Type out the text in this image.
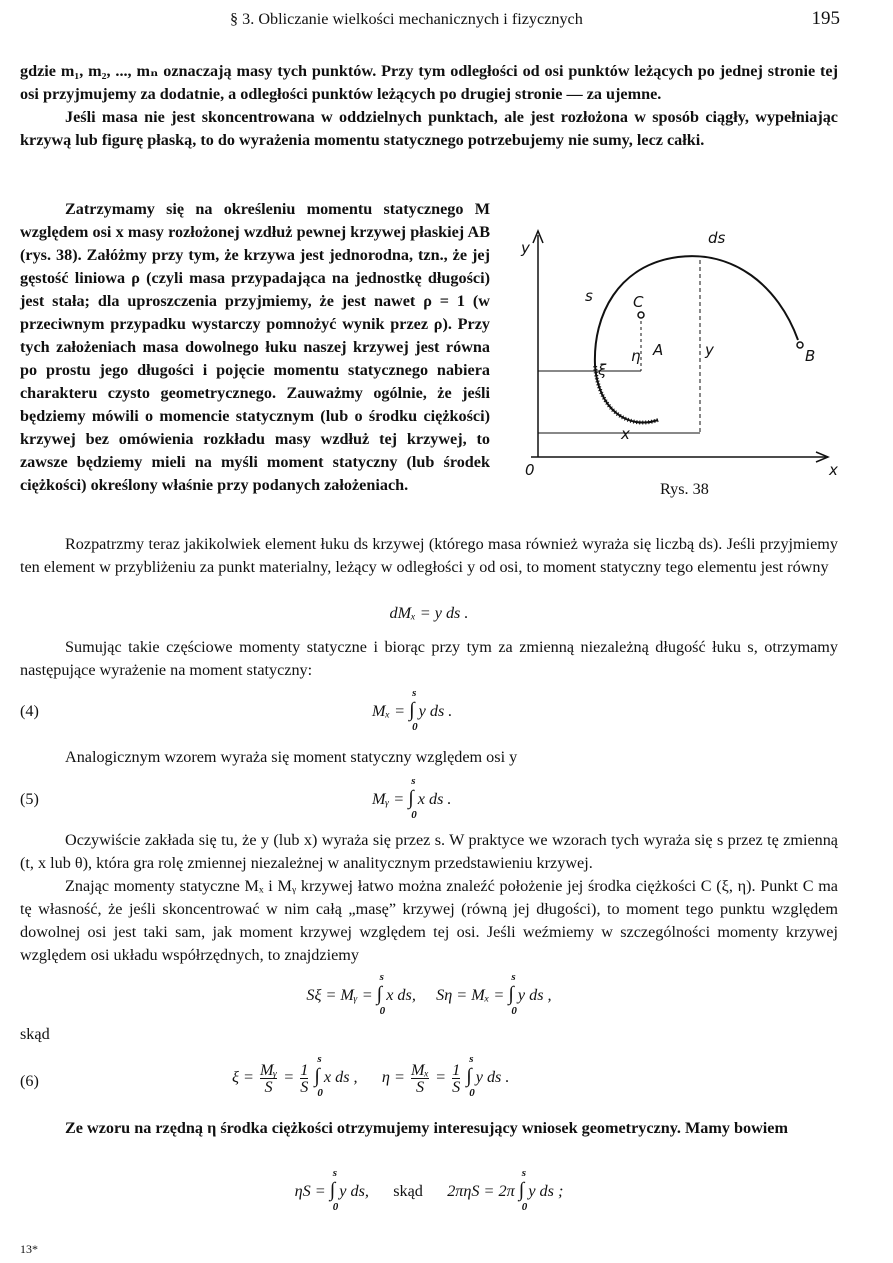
§ 3. Obliczanie wielkości mechanicznych i fizycznych	195

gdzie m₁, m₂, ..., mₙ oznaczają masy tych punktów. Przy tym odległości od osi punktów leżących po jednej stronie tej osi przyjmujemy za dodatnie, a odległości punktów leżących po drugiej stronie — za ujemne.

Jeśli masa nie jest skoncentrowana w oddzielnych punktach, ale jest rozłożona w sposób ciągły, wypełniając krzywą lub figurę płaską, to do wyrażenia momentu statycznego potrzebujemy nie sumy, lecz całki.

Zatrzymamy się na określeniu momentu statycznego M względem osi x masy rozłożonej wzdłuż pewnej krzywej płaskiej AB (rys. 38). Załóżmy przy tym, że krzywa jest jednorodna, tzn., że jej gęstość liniowa ρ (czyli masa przypadająca na jednostkę długości) jest stała; dla uproszczenia przyjmiemy, że jest nawet ρ = 1 (w przeciwnym przypadku wystarczy pomnożyć wynik przez ρ). Przy tych założeniach masa dowolnego łuku naszej krzywej jest równa po prostu jego długości i pojęcie momentu statycznego nabiera charakteru czysto geometrycznego. Zauważmy ogólnie, że jeśli będziemy mówili o momencie statycznym (lub o środku ciężkości) krzywej bez omówienia rozkładu masy wzdłuż tej krzywej, to zawsze będziemy mieli na myśli moment statyczny (lub środek ciężkości) określony właśnie przy podanych założeniach.

y
x
0
ds
s	C
A	B
η
ξ
y
x
Rys. 38

Rozpatrzmy teraz jakikolwiek element łuku ds krzywej (którego masa również wyraża się liczbą ds). Jeśli przyjmiemy ten element w przybliżeniu za punkt materialny, leżący w odległości y od osi, to moment statyczny tego elementu jest równy

dMₓ = y ds .

Sumując takie częściowe momenty statyczne i biorąc przy tym za zmienną niezależną długość łuku s, otrzymamy następujące wyrażenie na moment statyczny:

(4)	Mₓ = ∫
s
0
y ds .

Analogicznym wzorem wyraża się moment statyczny względem osi y

(5)	Mᵧ = ∫
s
0
x ds .

Oczywiście zakłada się tu, że y (lub x) wyraża się przez s. W praktyce we wzorach tych wyraża się s przez tę zmienną (t, x lub θ), która gra rolę zmiennej niezależnej w analitycznym przedstawieniu krzywej.

Znając momenty statyczne Mₓ i Mᵧ krzywej łatwo można znaleźć położenie jej środka ciężkości C (ξ, η). Punkt C ma tę własność, że jeśli skoncentrować w nim całą „masę” krzywej (równą jej długości), to moment tego punktu względem dowolnej osi jest taki sam, jak moment krzywej względem tej osi. Jeśli weźmiemy w szczególności momenty krzywej względem osi układu współrzędnych, to znajdziemy

Sξ = Mᵧ = ∫
s
0
x ds, Sη = Mₓ = ∫
s
0
y ds ,

skąd

(6)	$\xi = \frac{\text{Mᵧ}}{S} = \frac{1}{S}$ ∫
s
0
x ds , $\eta = \frac{\text{Mₓ}}{S} = \frac{1}{S}$ ∫
s
0
y ds .

Ze wzoru na rzędną η środka ciężkości otrzymujemy interesujący wniosek geometryczny. Mamy bowiem

ηS = ∫
s
0
y ds, skąd 2πηS = 2π ∫
s
0
y ds ;
13*
